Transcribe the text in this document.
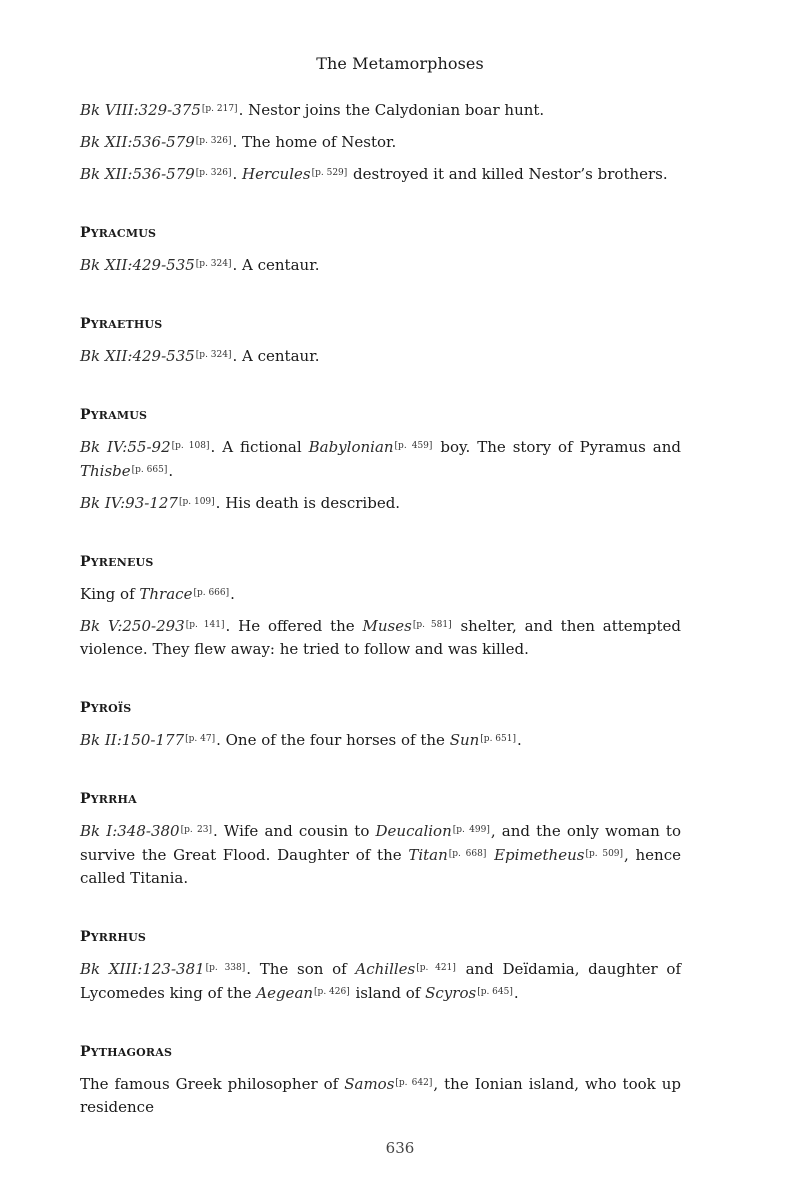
The Metamorphoses

Bk VIII:329-375[p. 217]. Nestor joins the Calydonian boar hunt.

Bk XII:536-579[p. 326]. The home of Nestor.

Bk XII:536-579[p. 326]. Hercules[p. 529] destroyed it and killed Nestor’s brothers.

PYRACMUS

Bk XII:429-535[p. 324]. A centaur.

PYRAETHUS

Bk XII:429-535[p. 324]. A centaur.

PYRAMUS

Bk IV:55-92[p. 108]. A fictional Babylonian[p. 459] boy. The story of Pyramus and Thisbe[p. 665].

Bk IV:93-127[p. 109]. His death is described.

PYRENEUS

King of Thrace[p. 666].

Bk V:250-293[p. 141]. He offered the Muses[p. 581] shelter, and then attempted violence. They flew away: he tried to follow and was killed.

PYROÏS

Bk II:150-177[p. 47]. One of the four horses of the Sun[p. 651].

PYRRHA

Bk I:348-380[p. 23]. Wife and cousin to Deucalion[p. 499], and the only woman to survive the Great Flood. Daughter of the Titan[p. 668] Epimetheus[p. 509], hence called Titania.

PYRRHUS

Bk XIII:123-381[p. 338]. The son of Achilles[p. 421] and Deïdamia, daughter of Lycomedes king of the Aegean[p. 426] island of Scyros[p. 645].

PYTHAGORAS

The famous Greek philosopher of Samos[p. 642], the Ionian island, who took up residence

636
